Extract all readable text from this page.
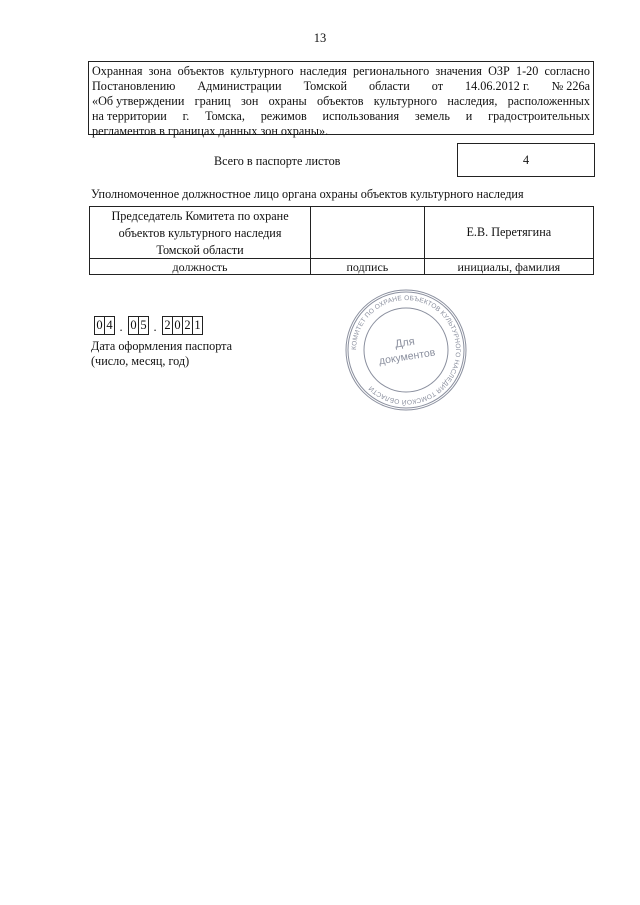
13
Охранная зона объектов культурного наследия регионального значения ОЗР 1-20 согласно
Постановлению Администрации Томской области от 14.06.2012 г. № 226а
«Об утверждении границ зон охраны объектов культурного наследия, расположенных
на территории г. Томска, режимов использования земель и градостроительных
регламентов в границах данных зон охраны».
Всего в паспорте листов	4
Уполномоченное должностное лицо органа охраны объектов культурного наследия
Председатель Комитета по охране
объектов культурного наследия
Томской области		Е.В. Перетягина
должность	подпись	инициалы, фамилия
0 4 . 0 5 . 2 0 2 1
Дата оформления паспорта
(число, месяц, год)
КОМИТЕТ ПО ОХРАНЕ ОБЪЕКТОВ КУЛЬТУРНОГО НАСЛЕДИЯ ТОМСКОЙ ОБЛАСТИ
Для
документов
